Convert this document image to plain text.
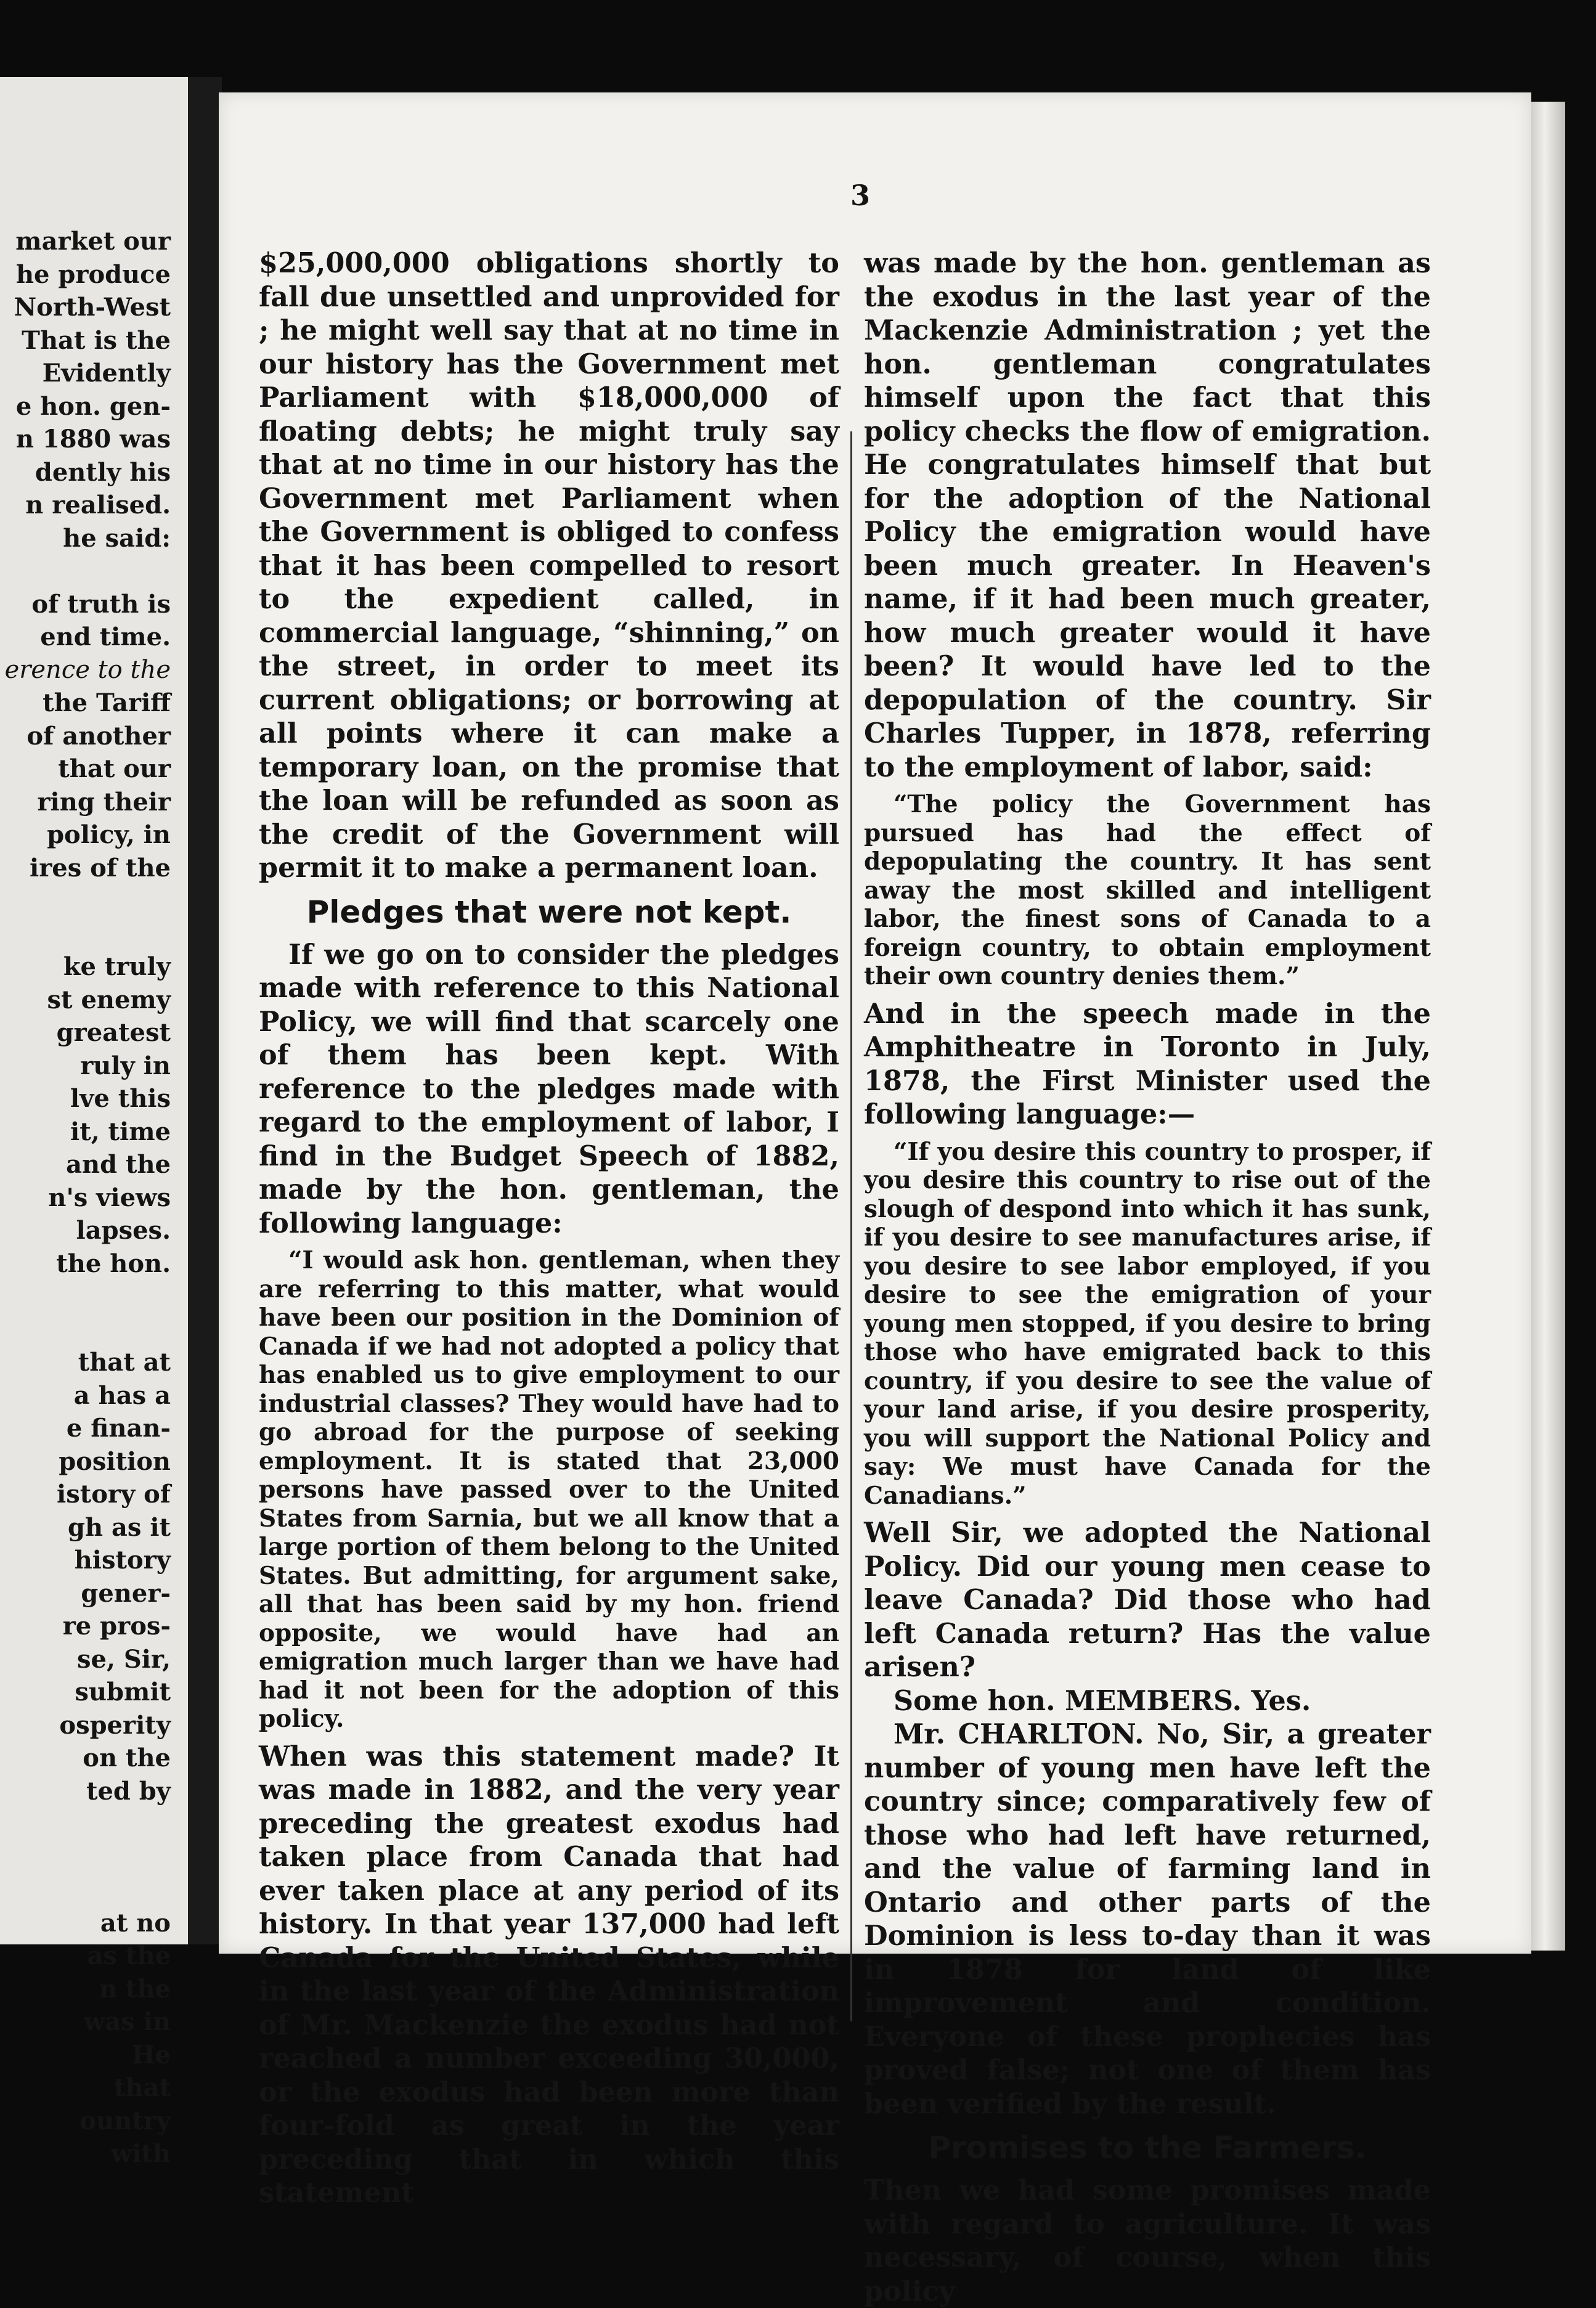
market our
he produce
North-West
That is the
Evidently
e hon. gen-
n 1880 was
dently his
n realised.
he said:
of truth is
end time.
erence to the
the Tariff
of another
that our
ring their
policy, in
ires of the
ke truly
st enemy
greatest
ruly in
lve this
it, time
and the
n's views
lapses.
the hon.
that at
a has a
e finan-
position
istory of
gh as it
history
gener-
re pros-
se, Sir,
submit
osperity
on the
ted by
at no
as the
n the
was in
He
that
ountry
with
3

$25,000,000 obligations shortly to fall due unsettled and unprovided for ; he might well say that at no time in our history has the Government met Parliament with $18,000,000 of floating debts; he might truly say that at no time in our history has the Government met Parliament when the Government is obliged to confess that it has been compelled to resort to the expedient called, in commercial language, “shinning,” on the street, in order to meet its current obligations; or borrowing at all points where it can make a temporary loan, on the promise that the loan will be refunded as soon as the credit of the Government will permit it to make a permanent loan.

Pledges that were not kept.

If we go on to consider the pledges made with reference to this National Policy, we will find that scarcely one of them has been kept. With reference to the pledges made with regard to the employment of labor, I find in the Budget Speech of 1882, made by the hon. gentleman, the following language:

“I would ask hon. gentleman, when they are referring to this matter, what would have been our position in the Dominion of Canada if we had not adopted a policy that has enabled us to give employment to our industrial classes? They would have had to go abroad for the purpose of seeking employment. It is stated that 23,000 persons have passed over to the United States from Sarnia, but we all know that a large portion of them belong to the United States. But admitting, for argument sake, all that has been said by my hon. friend opposite, we would have had an emigration much larger than we have had had it not been for the adoption of this policy.

When was this statement made? It was made in 1882, and the very year preceding the greatest exodus had taken place from Canada that had ever taken place at any period of its history. In that year 137,000 had left Canada for the United States, while in the last year of the Administration of Mr. Mackenzie the exodus had not reached a number exceeding 30,000, or the exodus had been more than four-fold as great in the year preceding that in which this statement

was made by the hon. gentleman as the exodus in the last year of the Mackenzie Administration ; yet the hon. gentleman congratulates himself upon the fact that this policy checks the flow of emigration. He congratulates himself that but for the adoption of the National Policy the emigration would have been much greater. In Heaven's name, if it had been much greater, how much greater would it have been? It would have led to the depopulation of the country. Sir Charles Tupper, in 1878, referring to the employment of labor, said:

“The policy the Government has pursued has had the effect of depopulating the country. It has sent away the most skilled and intelligent labor, the finest sons of Canada to a foreign country, to obtain employment their own country denies them.”

And in the speech made in the Amphitheatre in Toronto in July, 1878, the First Minister used the following language:—

“If you desire this country to prosper, if you desire this country to rise out of the slough of despond into which it has sunk, if you desire to see manufactures arise, if you desire to see labor employed, if you desire to see the emigration of your young men stopped, if you desire to bring those who have emigrated back to this country, if you desire to see the value of your land arise, if you desire prosperity, you will support the National Policy and say: We must have Canada for the Canadians.”

Well Sir, we adopted the National Policy. Did our young men cease to leave Canada? Did those who had left Canada return? Has the value arisen?

Some hon. MEMBERS. Yes.

Mr. CHARLTON. No, Sir, a greater number of young men have left the country since; comparatively few of those who had left have returned, and the value of farming land in Ontario and other parts of the Dominion is less to-day than it was in 1878 for land of like improvement and condition. Everyone of these prophecies has proved false; not one of them has been verified by the result.

Promises to the Farmers.

Then we had some promises made with regard to agriculture. It was necessary, of course, when this policy
